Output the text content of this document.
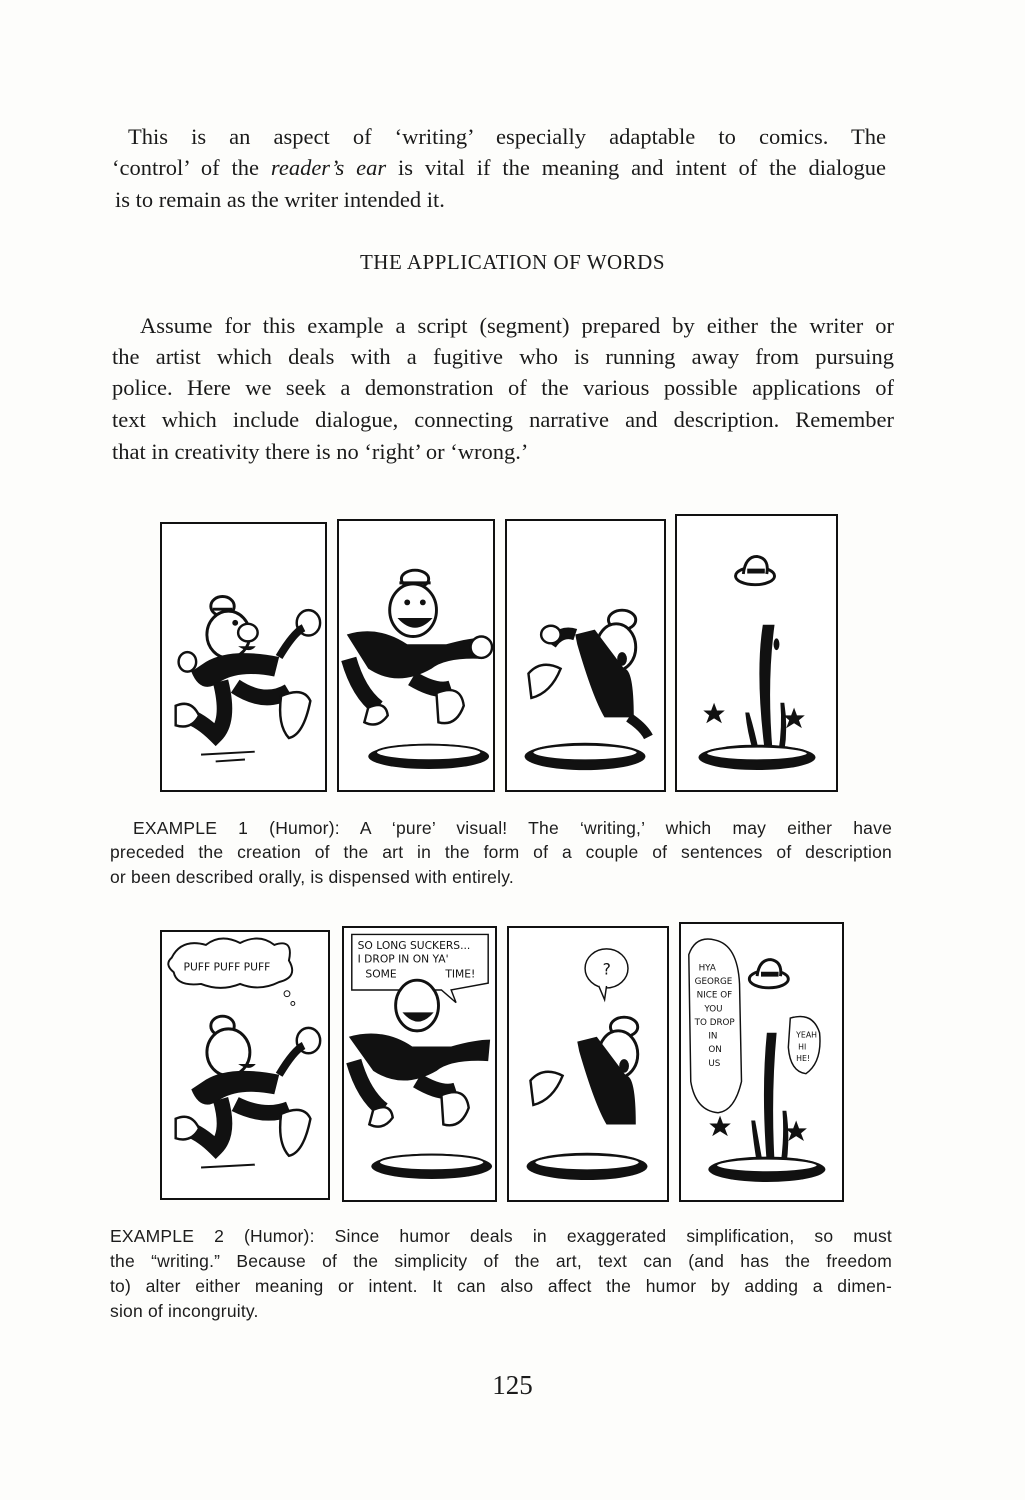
This is an aspect of ‘writing’ especially adaptable to comics. The

‘control’ of the reader’s ear is vital if the meaning and intent of the dialogue

is to remain as the writer intended it.

THE APPLICATION OF WORDS

Assume for this example a script (segment) prepared by either the writer or

the artist which deals with a fugitive who is running away from pursuing

police. Here we seek a demonstration of the various possible applications of

text which include dialogue, connecting narrative and description. Remember

that in creativity there is no ‘right’ or ‘wrong.’

EXAMPLE 1 (Humor): A ‘pure’ visual! The ‘writing,’ which may either have

preceded the creation of the art in the form of a couple of sentences of description

or been described orally, is dispensed with entirely.

PUFF PUFF PUFF
SO LONG SUCKERS...
I DROP IN ON YA'
SOME	TIME!	?	HYA
GEORGE
NICE OF
YOU
TO DROP
IN
ON
US
YEAH
HI
HE!

EXAMPLE 2 (Humor): Since humor deals in exaggerated simplification, so must

the “writing.” Because of the simplicity of the art, text can (and has the freedom

to) alter either meaning or intent. It can also affect the humor by adding a dimen-

sion of incongruity.

125
